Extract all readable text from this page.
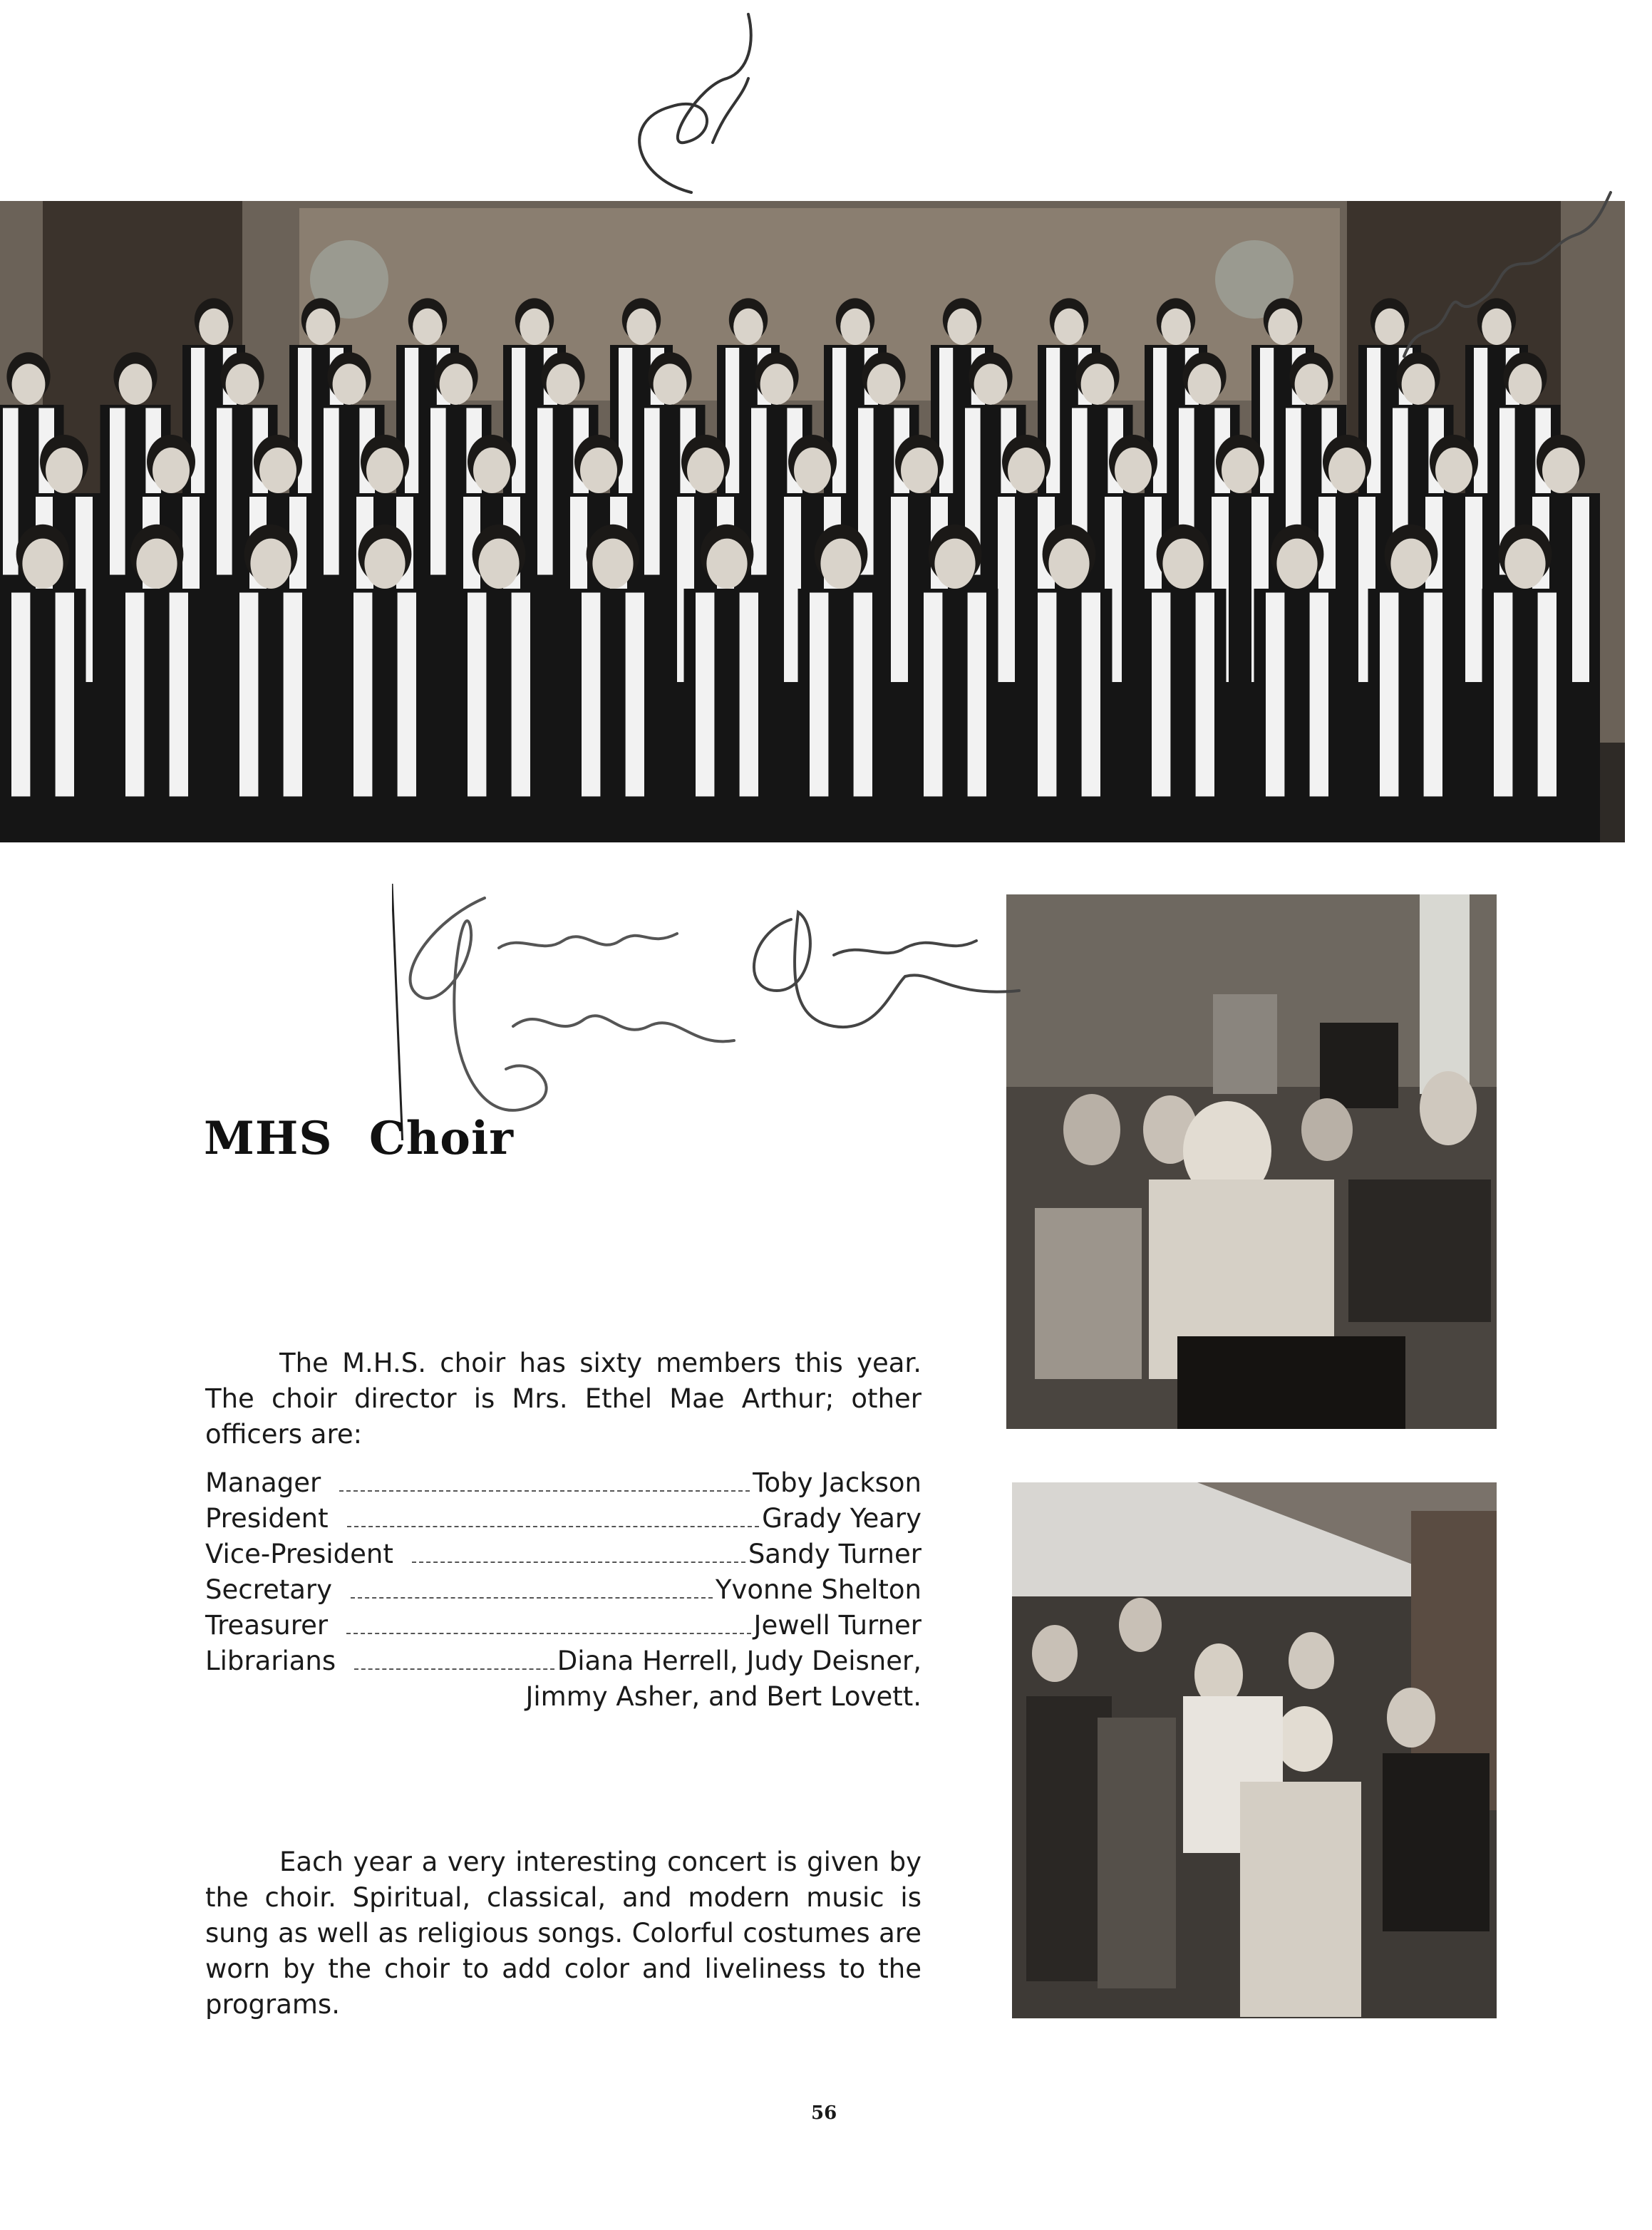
MHS Choir
The M.H.S. choir has sixty members this year. The choir director is Mrs. Ethel Mae Arthur; other officers are:
Manager	Toby Jackson
President	Grady Yeary
Vice-President	Sandy Turner
Secretary	Yvonne Shelton
Treasurer	Jewell Turner
Librarians	Diana Herrell, Judy Deisner,
Jimmy Asher, and Bert Lovett.
Each year a very interesting concert is given by the choir. Spiritual, classical, and modern music is sung as well as religious songs. Colorful costumes are worn by the choir to add color and liveliness to the programs.
56
